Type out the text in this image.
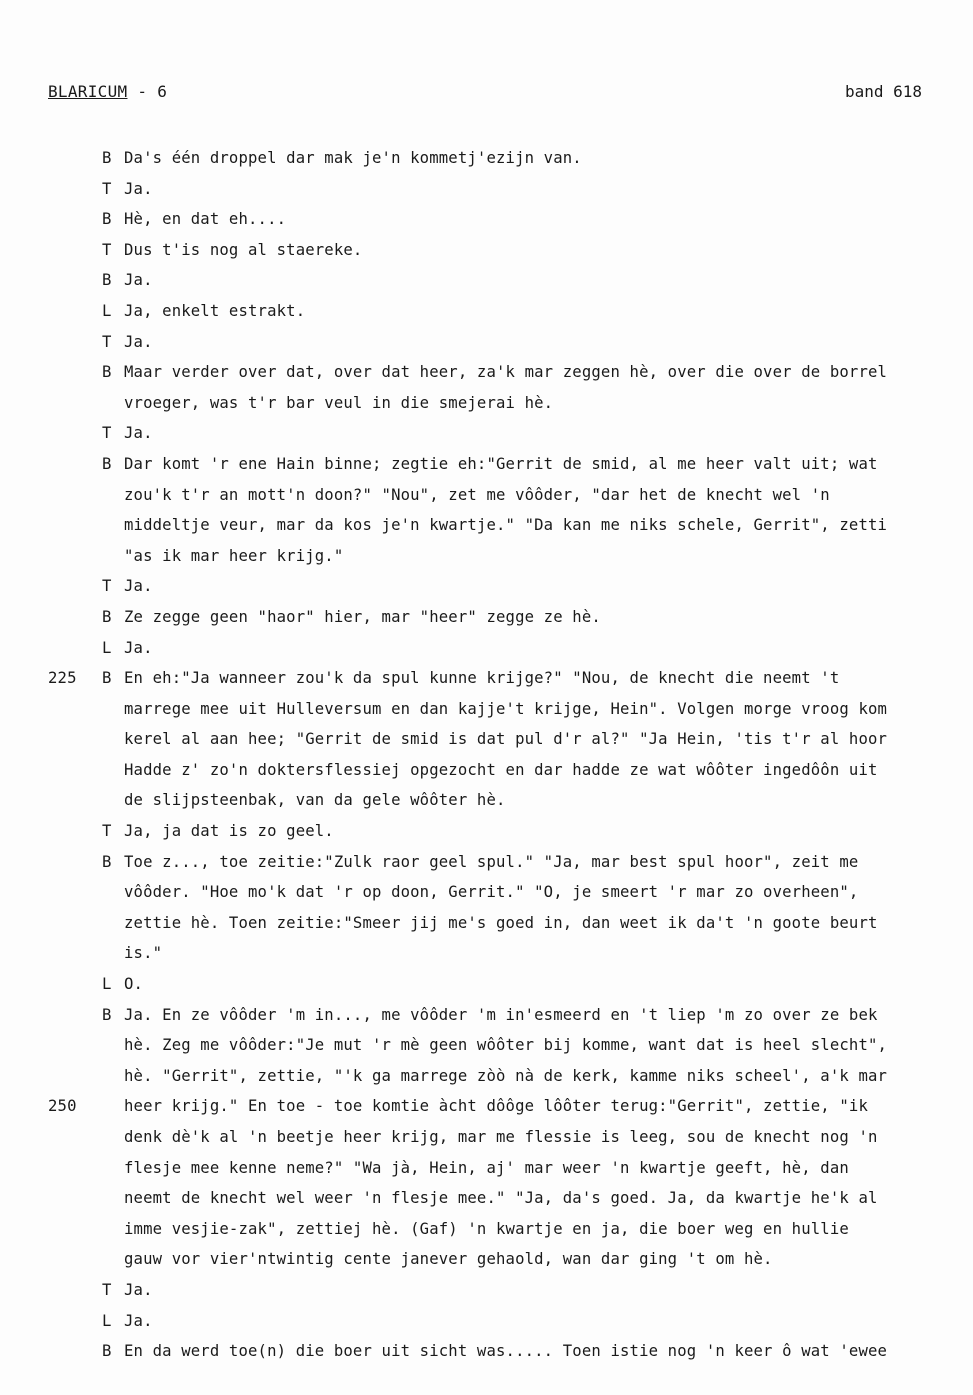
BLARICUM - 6	band 618
B Da's één droppel dar mak je'n kommetj'ezijn van.
T Ja.
B Hè, en dat eh....
T Dus t'is nog al staereke.
B Ja.
L Ja, enkelt estrakt.
T Ja.
B Maar verder over dat, over dat heer, za'k mar zeggen hè, over die over de borrel
vroeger, was t'r bar veul in die smejerai hè.
T Ja.
B Dar komt 'r ene Hain binne; zegtie eh:"Gerrit de smid, al me heer valt uit; wat
zou'k t'r an mott'n doon?" "Nou", zet me vôôder, "dar het de knecht wel 'n
middeltje veur, mar da kos je'n kwartje." "Da kan me niks schele, Gerrit", zetti
"as ik mar heer krijg."
T Ja.
B Ze zegge geen "haor" hier, mar "heer" zegge ze hè.
L Ja.
225 B En eh:"Ja wanneer zou'k da spul kunne krijge?" "Nou, de knecht die neemt 't
marrege mee uit Hulleversum en dan kajje't krijge, Hein". Volgen morge vroog kom
kerel al aan hee; "Gerrit de smid is dat pul d'r al?" "Ja Hein, 'tis t'r al hoor
Hadde z' zo'n doktersflessiej opgezocht en dar hadde ze wat wôôter ingedôôn uit
de slijpsteenbak, van da gele wôôter hè.
T Ja, ja dat is zo geel.
B Toe z..., toe zeitie:"Zulk raor geel spul." "Ja, mar best spul hoor", zeit me
vôôder. "Hoe mo'k dat 'r op doon, Gerrit." "O, je smeert 'r mar zo overheen",
zettie hè. Toen zeitie:"Smeer jij me's goed in, dan weet ik da't 'n goote beurt
is."
L O.
B Ja. En ze vôôder 'm in..., me vôôder 'm in'esmeerd en 't liep 'm zo over ze bek
hè. Zeg me vôôder:"Je mut 'r mè geen wôôter bij komme, want dat is heel slecht",
hè. "Gerrit", zettie, "'k ga marrege zòò nà de kerk, kamme niks scheel', a'k mar
250	heer krijg." En toe - toe komtie àcht dôôge lôôter terug:"Gerrit", zettie, "ik
denk dè'k al 'n beetje heer krijg, mar me flessie is leeg, sou de knecht nog 'n
flesje mee kenne neme?" "Wa jà, Hein, aj' mar weer 'n kwartje geeft, hè, dan
neemt de knecht wel weer 'n flesje mee." "Ja, da's goed. Ja, da kwartje he'k al
imme vesjie-zak", zettiej hè. (Gaf) 'n kwartje en ja, die boer weg en hullie
gauw vor vier'ntwintig cente janever gehaold, wan dar ging 't om hè.
T Ja.
L Ja.
B En da werd toe(n) die boer uit sicht was..... Toen istie nog 'n keer ô wat 'ewee
